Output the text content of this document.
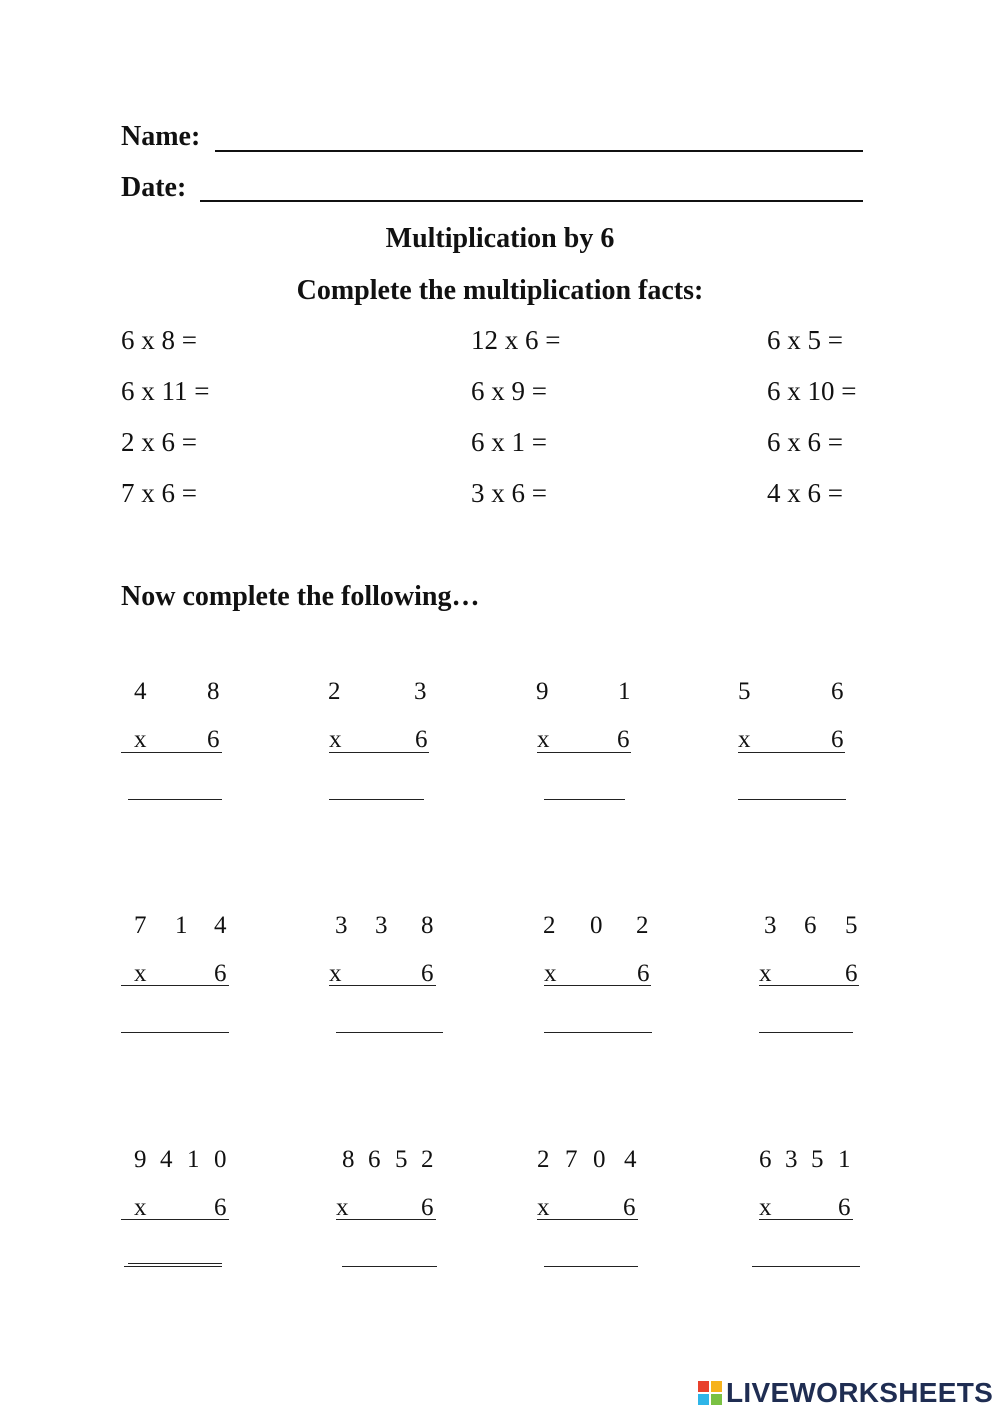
Name:
Date:
Multiplication by 6
Complete the multiplication facts:
6 x 8 =	12 x 6 =	6 x 5 =
6 x 11 =	6 x 9 =	6 x 10 =
2 x 6 =	6 x 1 =	6 x 6 =
7 x 6 =	3 x 6 =	4 x 6 =
Now complete the following…
4 8
x 6
2	3
x	6
9	1
x	6
5	6
x	6
7 1 4
x	6
3 3 8
x	6
2 0 2
x	6
3 6 5
x	6
9 4 1 0
x	6
8 6 5 2
x	6
2 7 0 4
x	6
6 3 5 1
x	6
LIVEWORKSHEETS
